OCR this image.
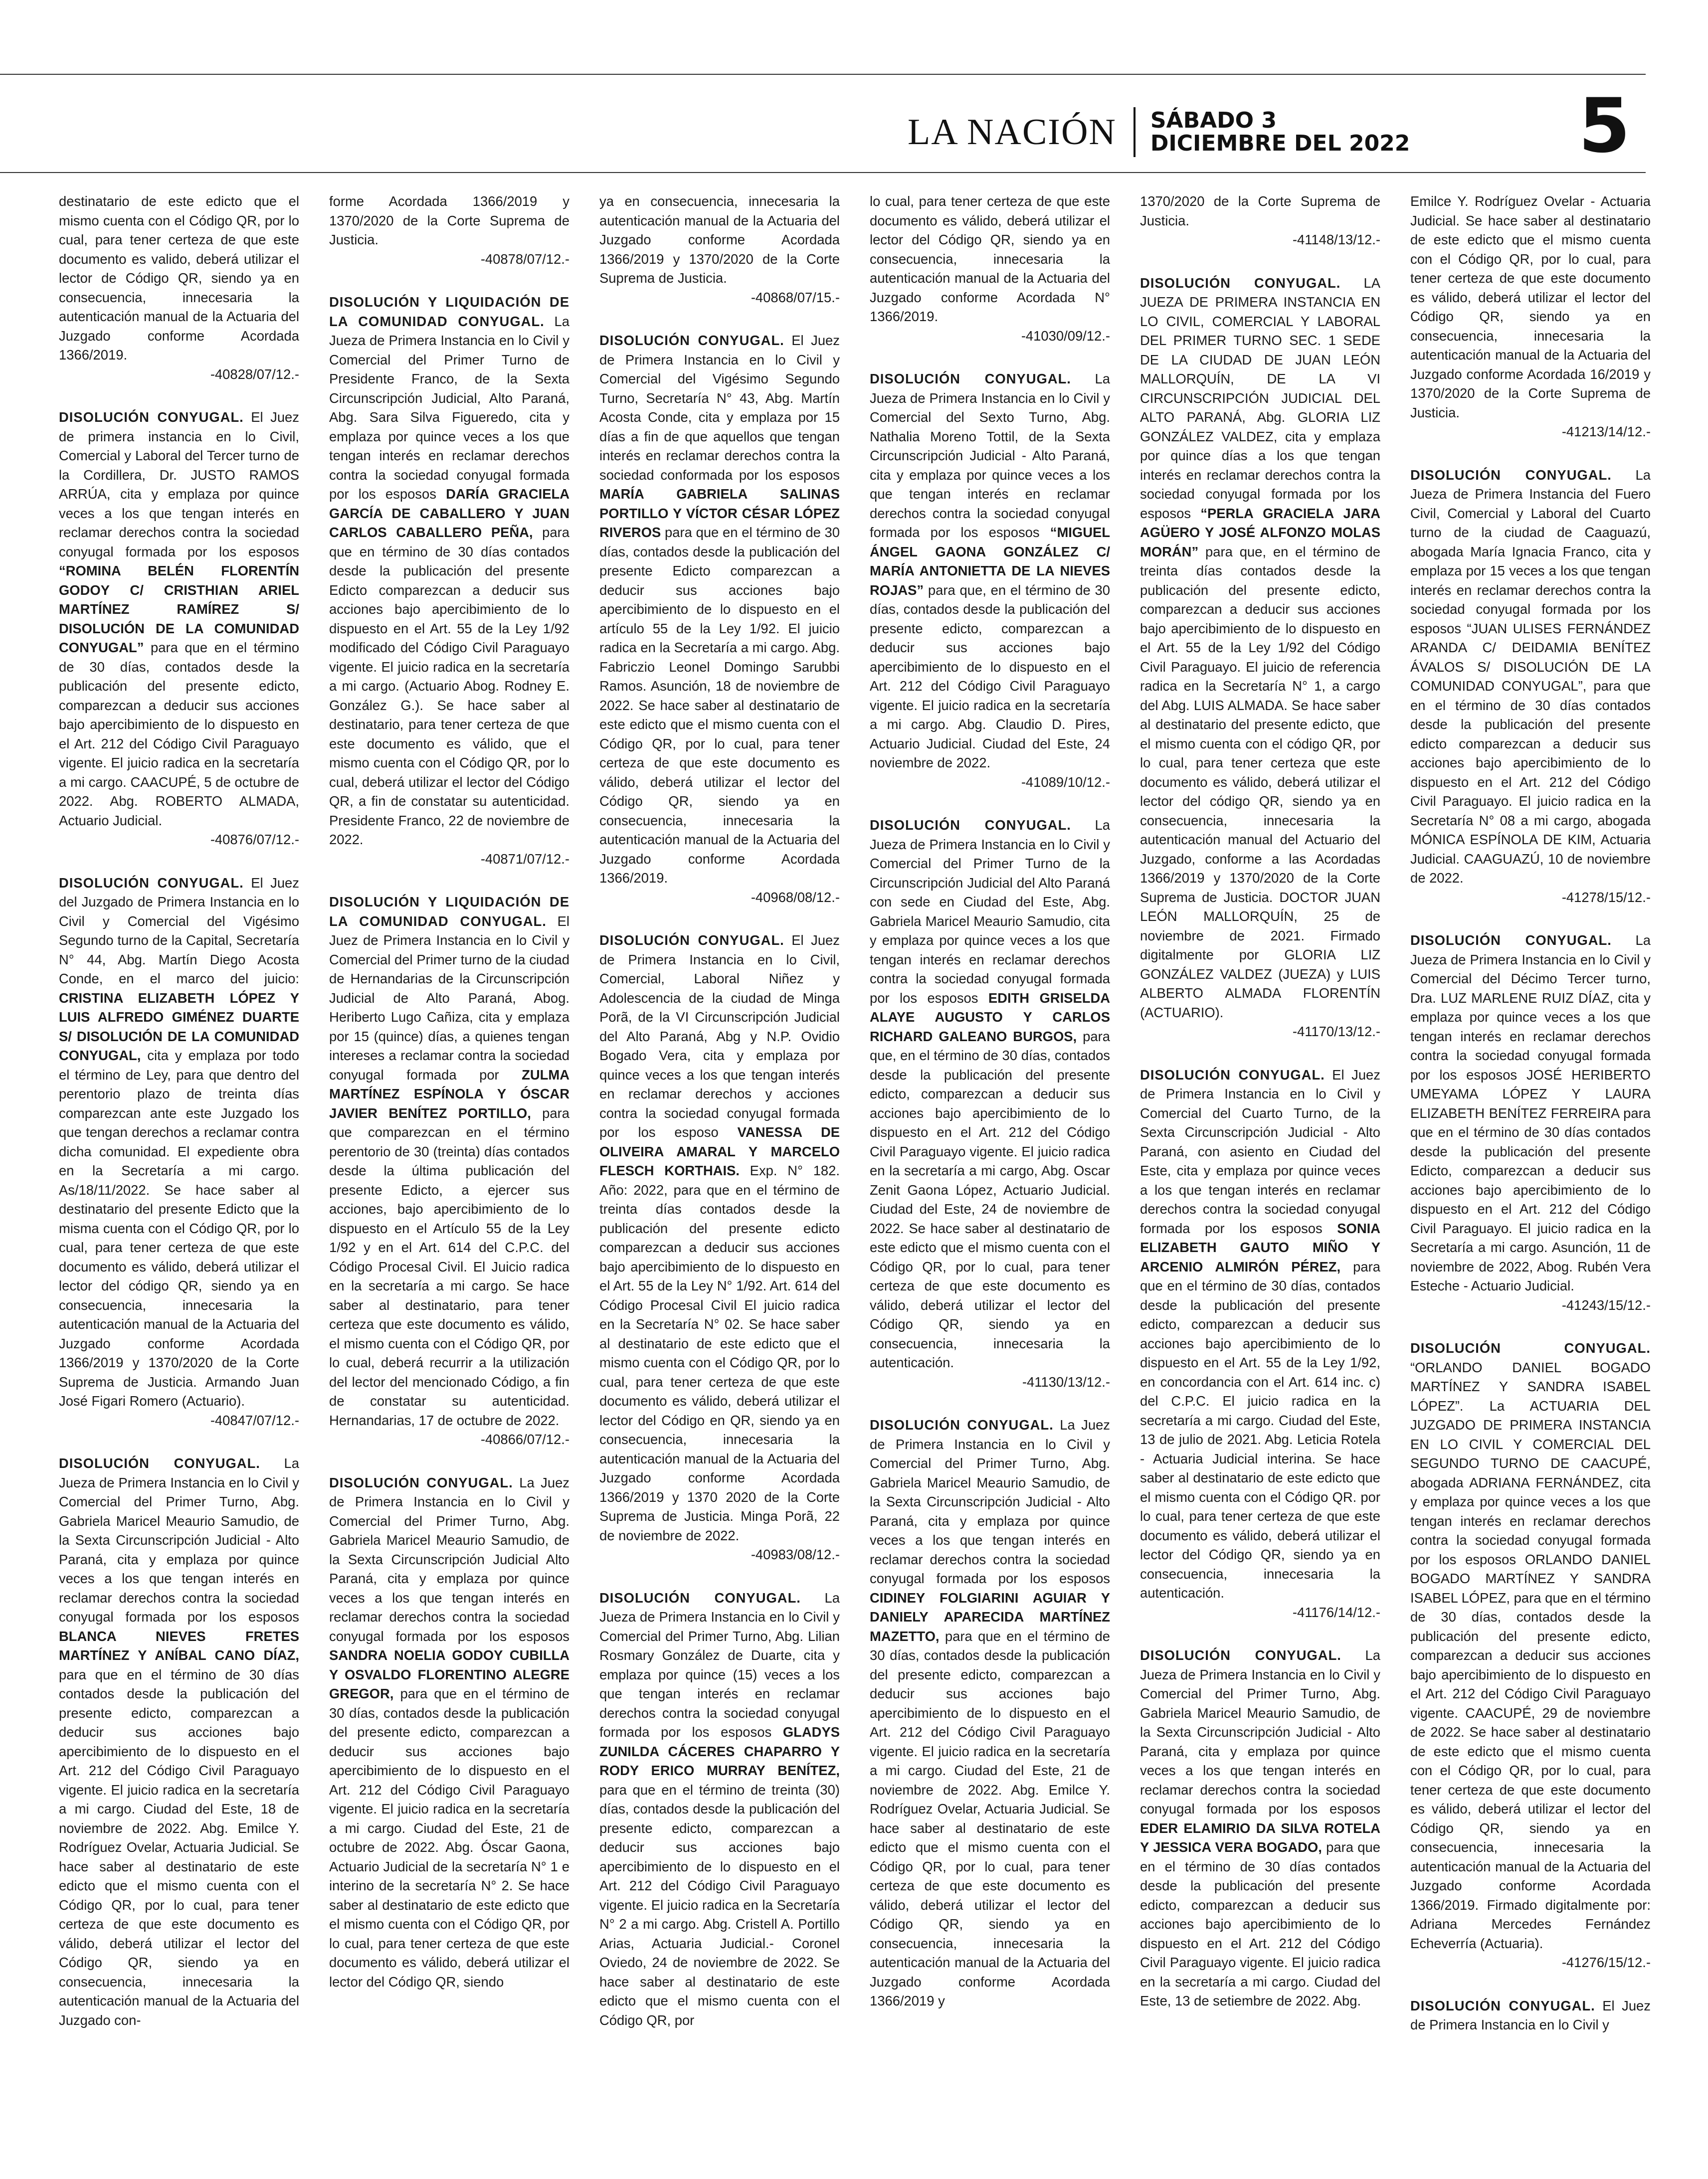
LA NACIÓN SÁBADO 3
DICIEMBRE DEL 2022 5

destinatario de este edicto que el mismo cuenta con el Código QR, por lo cual, para tener certeza de que este documento es valido, deberá utilizar el lector de Código QR, siendo ya en consecuencia, innecesaria la autenticación manual de la Actuaria del Juzgado conforme Acordada 1366/2019.
-40828/07/12.-

DISOLUCIÓN CONYUGAL. El Juez de primera instancia en lo Civil, Comercial y Laboral del Tercer turno de la Cordillera, Dr. JUSTO RAMOS ARRÚA, cita y emplaza por quince veces a los que tengan interés en reclamar derechos contra la sociedad conyugal formada por los esposos “ROMINA BELÉN FLORENTÍN GODOY C/ CRISTHIAN ARIEL MARTÍNEZ RAMÍREZ S/ DISOLUCIÓN DE LA COMUNIDAD CONYUGAL” para que en el término de 30 días, contados desde la publicación del presente edicto, comparezcan a deducir sus acciones bajo apercibimiento de lo dispuesto en el Art. 212 del Código Civil Paraguayo vigente. El juicio radica en la secretaría a mi cargo. CAACUPÉ, 5 de octubre de 2022. Abg. ROBERTO ALMADA, Actuario Judicial.
-40876/07/12.-

DISOLUCIÓN CONYUGAL. El Juez del Juzgado de Primera Instancia en lo Civil y Comercial del Vigésimo Segundo turno de la Capital, Secretaría N° 44, Abg. Martín Diego Acosta Conde, en el marco del juicio: CRISTINA ELIZABETH LÓPEZ Y LUIS ALFREDO GIMÉNEZ DUARTE S/ DISOLUCIÓN DE LA COMUNIDAD CONYUGAL, cita y emplaza por todo el término de Ley, para que dentro del perentorio plazo de treinta días comparezcan ante este Juzgado los que tengan derechos a reclamar contra dicha comunidad. El expediente obra en la Secretaría a mi cargo. As/18/11/2022. Se hace saber al destinatario del presente Edicto que la misma cuenta con el Código QR, por lo cual, para tener certeza de que este documento es válido, deberá utilizar el lector del código QR, siendo ya en consecuencia, innecesaria la autenticación manual de la Actuaria del Juzgado conforme Acordada 1366/2019 y 1370/2020 de la Corte Suprema de Justicia. Armando Juan José Figari Romero (Actuario).
-40847/07/12.-

DISOLUCIÓN CONYUGAL. La Jueza de Primera Instancia en lo Civil y Comercial del Primer Turno, Abg. Gabriela Maricel Meaurio Samudio, de la Sexta Circunscripción Judicial - Alto Paraná, cita y emplaza por quince veces a los que tengan interés en reclamar derechos contra la sociedad conyugal formada por los esposos BLANCA NIEVES FRETES MARTÍNEZ Y ANÍBAL CANO DÍAZ, para que en el término de 30 días contados desde la publicación del presente edicto, comparezcan a deducir sus acciones bajo apercibimiento de lo dispuesto en el Art. 212 del Código Civil Paraguayo vigente. El juicio radica en la secretaría a mi cargo. Ciudad del Este, 18 de noviembre de 2022. Abg. Emilce Y. Rodríguez Ovelar, Actuaria Judicial. Se hace saber al destinatario de este edicto que el mismo cuenta con el Código QR, por lo cual, para tener certeza de que este documento es válido, deberá utilizar el lector del Código QR, siendo ya en consecuencia, innecesaria la autenticación manual de la Actuaria del Juzgado con-

forme Acordada 1366/2019 y 1370/2020 de la Corte Suprema de Justicia.
-40878/07/12.-

DISOLUCIÓN Y LIQUIDACIÓN DE LA COMUNIDAD CONYUGAL. La Jueza de Primera Instancia en lo Civil y Comercial del Primer Turno de Presidente Franco, de la Sexta Circunscripción Judicial, Alto Paraná, Abg. Sara Silva Figueredo, cita y emplaza por quince veces a los que tengan interés en reclamar derechos contra la sociedad conyugal formada por los esposos DARÍA GRACIELA GARCÍA DE CABALLERO Y JUAN CARLOS CABALLERO PEÑA, para que en término de 30 días contados desde la publicación del presente Edicto comparezcan a deducir sus acciones bajo apercibimiento de lo dispuesto en el Art. 55 de la Ley 1/92 modificado del Código Civil Paraguayo vigente. El juicio radica en la secretaría a mi cargo. (Actuario Abog. Rodney E. González G.). Se hace saber al destinatario, para tener certeza de que este documento es válido, que el mismo cuenta con el Código QR, por lo cual, deberá utilizar el lector del Código QR, a fin de constatar su autenticidad. Presidente Franco, 22 de noviembre de 2022.
-40871/07/12.-

DISOLUCIÓN Y LIQUIDACIÓN DE LA COMUNIDAD CONYUGAL. El Juez de Primera Instancia en lo Civil y Comercial del Primer turno de la ciudad de Hernandarias de la Circunscripción Judicial de Alto Paraná, Abog. Heriberto Lugo Cañiza, cita y emplaza por 15 (quince) días, a quienes tengan intereses a reclamar contra la sociedad conyugal formada por ZULMA MARTÍNEZ ESPÍNOLA Y ÓSCAR JAVIER BENÍTEZ PORTILLO, para que comparezcan en el término perentorio de 30 (treinta) días contados desde la última publicación del presente Edicto, a ejercer sus acciones, bajo apercibimiento de lo dispuesto en el Artículo 55 de la Ley 1/92 y en el Art. 614 del C.P.C. del Código Procesal Civil. El Juicio radica en la secretaría a mi cargo. Se hace saber al destinatario, para tener certeza que este documento es válido, el mismo cuenta con el Código QR, por lo cual, deberá recurrir a la utilización del lector del mencionado Código, a fin de constatar su autenticidad. Hernandarias, 17 de octubre de 2022.
-40866/07/12.-

DISOLUCIÓN CONYUGAL. La Juez de Primera Instancia en lo Civil y Comercial del Primer Turno, Abg. Gabriela Maricel Meaurio Samudio, de la Sexta Circunscripción Judicial Alto Paraná, cita y emplaza por quince veces a los que tengan interés en reclamar derechos contra la sociedad conyugal formada por los esposos SANDRA NOELIA GODOY CUBILLA Y OSVALDO FLORENTINO ALEGRE GREGOR, para que en el término de 30 días, contados desde la publicación del presente edicto, comparezcan a deducir sus acciones bajo apercibimiento de lo dispuesto en el Art. 212 del Código Civil Paraguayo vigente. El juicio radica en la secretaría a mi cargo. Ciudad del Este, 21 de octubre de 2022. Abg. Óscar Gaona, Actuario Judicial de la secretaría N° 1 e interino de la secretaría N° 2. Se hace saber al destinatario de este edicto que el mismo cuenta con el Código QR, por lo cual, para tener certeza de que este documento es válido, deberá utilizar el lector del Código QR, siendo

ya en consecuencia, innecesaria la autenticación manual de la Actuaria del Juzgado conforme Acordada 1366/2019 y 1370/2020 de la Corte Suprema de Justicia.
-40868/07/15.-

DISOLUCIÓN CONYUGAL. El Juez de Primera Instancia en lo Civil y Comercial del Vigésimo Segundo Turno, Secretaría N° 43, Abg. Martín Acosta Conde, cita y emplaza por 15 días a fin de que aquellos que tengan interés en reclamar derechos contra la sociedad conformada por los esposos MARÍA GABRIELA SALINAS PORTILLO Y VÍCTOR CÉSAR LÓPEZ RIVEROS para que en el término de 30 días, contados desde la publicación del presente Edicto comparezcan a deducir sus acciones bajo apercibimiento de lo dispuesto en el artículo 55 de la Ley 1/92. El juicio radica en la Secretaría a mi cargo. Abg. Fabriczio Leonel Domingo Sarubbi Ramos. Asunción, 18 de noviembre de 2022. Se hace saber al destinatario de este edicto que el mismo cuenta con el Código QR, por lo cual, para tener certeza de que este documento es válido, deberá utilizar el lector del Código QR, siendo ya en consecuencia, innecesaria la autenticación manual de la Actuaria del Juzgado conforme Acordada 1366/2019.
-40968/08/12.-

DISOLUCIÓN CONYUGAL. El Juez de Primera Instancia en lo Civil, Comercial, Laboral Niñez y Adolescencia de la ciudad de Minga Porã, de la VI Circunscripción Judicial del Alto Paraná, Abg y N.P. Ovidio Bogado Vera, cita y emplaza por quince veces a los que tengan interés en reclamar derechos y acciones contra la sociedad conyugal formada por los esposo VANESSA DE OLIVEIRA AMARAL Y MARCELO FLESCH KORTHAIS. Exp. N° 182. Año: 2022, para que en el término de treinta días contados desde la publicación del presente edicto comparezcan a deducir sus acciones bajo apercibimiento de lo dispuesto en el Art. 55 de la Ley N° 1/92. Art. 614 del Código Procesal Civil El juicio radica en la Secretaría N° 02. Se hace saber al destinatario de este edicto que el mismo cuenta con el Código QR, por lo cual, para tener certeza de que este documento es válido, deberá utilizar el lector del Código en QR, siendo ya en consecuencia, innecesaria la autenticación manual de la Actuaria del Juzgado conforme Acordada 1366/2019 y 1370 2020 de la Corte Suprema de Justicia. Minga Porã, 22 de noviembre de 2022.
-40983/08/12.-

DISOLUCIÓN CONYUGAL. La Jueza de Primera Instancia en lo Civil y Comercial del Primer Turno, Abg. Lilian Rosmary González de Duarte, cita y emplaza por quince (15) veces a los que tengan interés en reclamar derechos contra la sociedad conyugal formada por los esposos GLADYS ZUNILDA CÁCERES CHAPARRO Y RODY ERICO MURRAY BENÍTEZ, para que en el término de treinta (30) días, contados desde la publicación del presente edicto, comparezcan a deducir sus acciones bajo apercibimiento de lo dispuesto en el Art. 212 del Código Civil Paraguayo vigente. El juicio radica en la Secretaría N° 2 a mi cargo. Abg. Cristell A. Portillo Arias, Actuaria Judicial.- Coronel Oviedo, 24 de noviembre de 2022. Se hace saber al destinatario de este edicto que el mismo cuenta con el Código QR, por

lo cual, para tener certeza de que este documento es válido, deberá utilizar el lector del Código QR, siendo ya en consecuencia, innecesaria la autenticación manual de la Actuaria del Juzgado conforme Acordada N° 1366/2019.
-41030/09/12.-

DISOLUCIÓN CONYUGAL. La Jueza de Primera Instancia en lo Civil y Comercial del Sexto Turno, Abg. Nathalia Moreno Tottil, de la Sexta Circunscripción Judicial - Alto Paraná, cita y emplaza por quince veces a los que tengan interés en reclamar derechos contra la sociedad conyugal formada por los esposos “MIGUEL ÁNGEL GAONA GONZÁLEZ C/ MARÍA ANTONIETTA DE LA NIEVES ROJAS” para que, en el término de 30 días, contados desde la publicación del presente edicto, comparezcan a deducir sus acciones bajo apercibimiento de lo dispuesto en el Art. 212 del Código Civil Paraguayo vigente. El juicio radica en la secretaría a mi cargo. Abg. Claudio D. Pires, Actuario Judicial. Ciudad del Este, 24 noviembre de 2022.
-41089/10/12.-

DISOLUCIÓN CONYUGAL. La Jueza de Primera Instancia en lo Civil y Comercial del Primer Turno de la Circunscripción Judicial del Alto Paraná con sede en Ciudad del Este, Abg. Gabriela Maricel Meaurio Samudio, cita y emplaza por quince veces a los que tengan interés en reclamar derechos contra la sociedad conyugal formada por los esposos EDITH GRISELDA ALAYE AUGUSTO Y CARLOS RICHARD GALEANO BURGOS, para que, en el término de 30 días, contados desde la publicación del presente edicto, comparezcan a deducir sus acciones bajo apercibimiento de lo dispuesto en el Art. 212 del Código Civil Paraguayo vigente. El juicio radica en la secretaría a mi cargo, Abg. Oscar Zenit Gaona López, Actuario Judicial. Ciudad del Este, 24 de noviembre de 2022. Se hace saber al destinatario de este edicto que el mismo cuenta con el Código QR, por lo cual, para tener certeza de que este documento es válido, deberá utilizar el lector del Código QR, siendo ya en consecuencia, innecesaria la autenticación.
-41130/13/12.-

DISOLUCIÓN CONYUGAL. La Juez de Primera Instancia en lo Civil y Comercial del Primer Turno, Abg. Gabriela Maricel Meaurio Samudio, de la Sexta Circunscripción Judicial - Alto Paraná, cita y emplaza por quince veces a los que tengan interés en reclamar derechos contra la sociedad conyugal formada por los esposos CIDINEY FOLGIARINI AGUIAR Y DANIELY APARECIDA MARTÍNEZ MAZETTO, para que en el término de 30 días, contados desde la publicación del presente edicto, comparezcan a deducir sus acciones bajo apercibimiento de lo dispuesto en el Art. 212 del Código Civil Paraguayo vigente. El juicio radica en la secretaría a mi cargo. Ciudad del Este, 21 de noviembre de 2022. Abg. Emilce Y. Rodríguez Ovelar, Actuaria Judicial. Se hace saber al destinatario de este edicto que el mismo cuenta con el Código QR, por lo cual, para tener certeza de que este documento es válido, deberá utilizar el lector del Código QR, siendo ya en consecuencia, innecesaria la autenticación manual de la Actuaria del Juzgado conforme Acordada 1366/2019 y

1370/2020 de la Corte Suprema de Justicia.
-41148/13/12.-

DISOLUCIÓN CONYUGAL. LA JUEZA DE PRIMERA INSTANCIA EN LO CIVIL, COMERCIAL Y LABORAL DEL PRIMER TURNO SEC. 1 SEDE DE LA CIUDAD DE JUAN LEÓN MALLORQUÍN, DE LA VI CIRCUNSCRIPCIÓN JUDICIAL DEL ALTO PARANÁ, Abg. GLORIA LIZ GONZÁLEZ VALDEZ, cita y emplaza por quince días a los que tengan interés en reclamar derechos contra la sociedad conyugal formada por los esposos “PERLA GRACIELA JARA AGÜERO Y JOSÉ ALFONZO MOLAS MORÁN” para que, en el término de treinta días contados desde la publicación del presente edicto, comparezcan a deducir sus acciones bajo apercibimiento de lo dispuesto en el Art. 55 de la Ley 1/92 del Código Civil Paraguayo. El juicio de referencia radica en la Secretaría N° 1, a cargo del Abg. LUIS ALMADA. Se hace saber al destinatario del presente edicto, que el mismo cuenta con el código QR, por lo cual, para tener certeza que este documento es válido, deberá utilizar el lector del código QR, siendo ya en consecuencia, innecesaria la autenticación manual del Actuario del Juzgado, conforme a las Acordadas 1366/2019 y 1370/2020 de la Corte Suprema de Justicia. DOCTOR JUAN LEÓN MALLORQUÍN, 25 de noviembre de 2021. Firmado digitalmente por GLORIA LIZ GONZÁLEZ VALDEZ (JUEZA) y LUIS ALBERTO ALMADA FLORENTÍN (ACTUARIO).
-41170/13/12.-

DISOLUCIÓN CONYUGAL. El Juez de Primera Instancia en lo Civil y Comercial del Cuarto Turno, de la Sexta Circunscripción Judicial - Alto Paraná, con asiento en Ciudad del Este, cita y emplaza por quince veces a los que tengan interés en reclamar derechos contra la sociedad conyugal formada por los esposos SONIA ELIZABETH GAUTO MIÑO Y ARCENIO ALMIRÓN PÉREZ, para que en el término de 30 días, contados desde la publicación del presente edicto, comparezcan a deducir sus acciones bajo apercibimiento de lo dispuesto en el Art. 55 de la Ley 1/92, en concordancia con el Art. 614 inc. c) del C.P.C. El juicio radica en la secretaría a mi cargo. Ciudad del Este, 13 de julio de 2021. Abg. Leticia Rotela - Actuaria Judicial interina. Se hace saber al destinatario de este edicto que el mismo cuenta con el Código QR. por lo cual, para tener certeza de que este documento es válido, deberá utilizar el lector del Código QR, siendo ya en consecuencia, innecesaria la autenticación.
-41176/14/12.-

DISOLUCIÓN CONYUGAL. La Jueza de Primera Instancia en lo Civil y Comercial del Primer Turno, Abg. Gabriela Maricel Meaurio Samudio, de la Sexta Circunscripción Judicial - Alto Paraná, cita y emplaza por quince veces a los que tengan interés en reclamar derechos contra la sociedad conyugal formada por los esposos EDER ELAMIRIO DA SILVA ROTELA Y JESSICA VERA BOGADO, para que en el término de 30 días contados desde la publicación del presente edicto, comparezcan a deducir sus acciones bajo apercibimiento de lo dispuesto en el Art. 212 del Código Civil Paraguayo vigente. El juicio radica en la secretaría a mi cargo. Ciudad del Este, 13 de setiembre de 2022. Abg.

Emilce Y. Rodríguez Ovelar - Actuaria Judicial. Se hace saber al destinatario de este edicto que el mismo cuenta con el Código QR, por lo cual, para tener certeza de que este documento es válido, deberá utilizar el lector del Código QR, siendo ya en consecuencia, innecesaria la autenticación manual de la Actuaria del Juzgado conforme Acordada 16/2019 y 1370/2020 de la Corte Suprema de Justicia.
-41213/14/12.-

DISOLUCIÓN CONYUGAL. La Jueza de Primera Instancia del Fuero Civil, Comercial y Laboral del Cuarto turno de la ciudad de Caaguazú, abogada María Ignacia Franco, cita y emplaza por 15 veces a los que tengan interés en reclamar derechos contra la sociedad conyugal formada por los esposos “JUAN ULISES FERNÁNDEZ ARANDA C/ DEIDAMIA BENÍTEZ ÁVALOS S/ DISOLUCIÓN DE LA COMUNIDAD CONYUGAL”, para que en el término de 30 días contados desde la publicación del presente edicto comparezcan a deducir sus acciones bajo apercibimiento de lo dispuesto en el Art. 212 del Código Civil Paraguayo. El juicio radica en la Secretaría N° 08 a mi cargo, abogada MÓNICA ESPÍNOLA DE KIM, Actuaria Judicial. CAAGUAZÚ, 10 de noviembre de 2022.
-41278/15/12.-

DISOLUCIÓN CONYUGAL. La Jueza de Primera Instancia en lo Civil y Comercial del Décimo Tercer turno, Dra. LUZ MARLENE RUIZ DÍAZ, cita y emplaza por quince veces a los que tengan interés en reclamar derechos contra la sociedad conyugal formada por los esposos JOSÉ HERIBERTO UMEYAMA LÓPEZ Y LAURA ELIZABETH BENÍTEZ FERREIRA para que en el término de 30 días contados desde la publicación del presente Edicto, comparezcan a deducir sus acciones bajo apercibimiento de lo dispuesto en el Art. 212 del Código Civil Paraguayo. El juicio radica en la Secretaría a mi cargo. Asunción, 11 de noviembre de 2022, Abog. Rubén Vera Esteche - Actuario Judicial.
-41243/15/12.-

DISOLUCIÓN CONYUGAL. “ORLANDO DANIEL BOGADO MARTÍNEZ Y SANDRA ISABEL LÓPEZ”. La ACTUARIA DEL JUZGADO DE PRIMERA INSTANCIA EN LO CIVIL Y COMERCIAL DEL SEGUNDO TURNO DE CAACUPÉ, abogada ADRIANA FERNÁNDEZ, cita y emplaza por quince veces a los que tengan interés en reclamar derechos contra la sociedad conyugal formada por los esposos ORLANDO DANIEL BOGADO MARTÍNEZ Y SANDRA ISABEL LÓPEZ, para que en el término de 30 días, contados desde la publicación del presente edicto, comparezcan a deducir sus acciones bajo apercibimiento de lo dispuesto en el Art. 212 del Código Civil Paraguayo vigente. CAACUPÉ, 29 de noviembre de 2022. Se hace saber al destinatario de este edicto que el mismo cuenta con el Código QR, por lo cual, para tener certeza de que este documento es válido, deberá utilizar el lector del Código QR, siendo ya en consecuencia, innecesaria la autenticación manual de la Actuaria del Juzgado conforme Acordada 1366/2019. Firmado digitalmente por: Adriana Mercedes Fernández Echeverría (Actuaria).
-41276/15/12.-

DISOLUCIÓN CONYUGAL. El Juez de Primera Instancia en lo Civil y
